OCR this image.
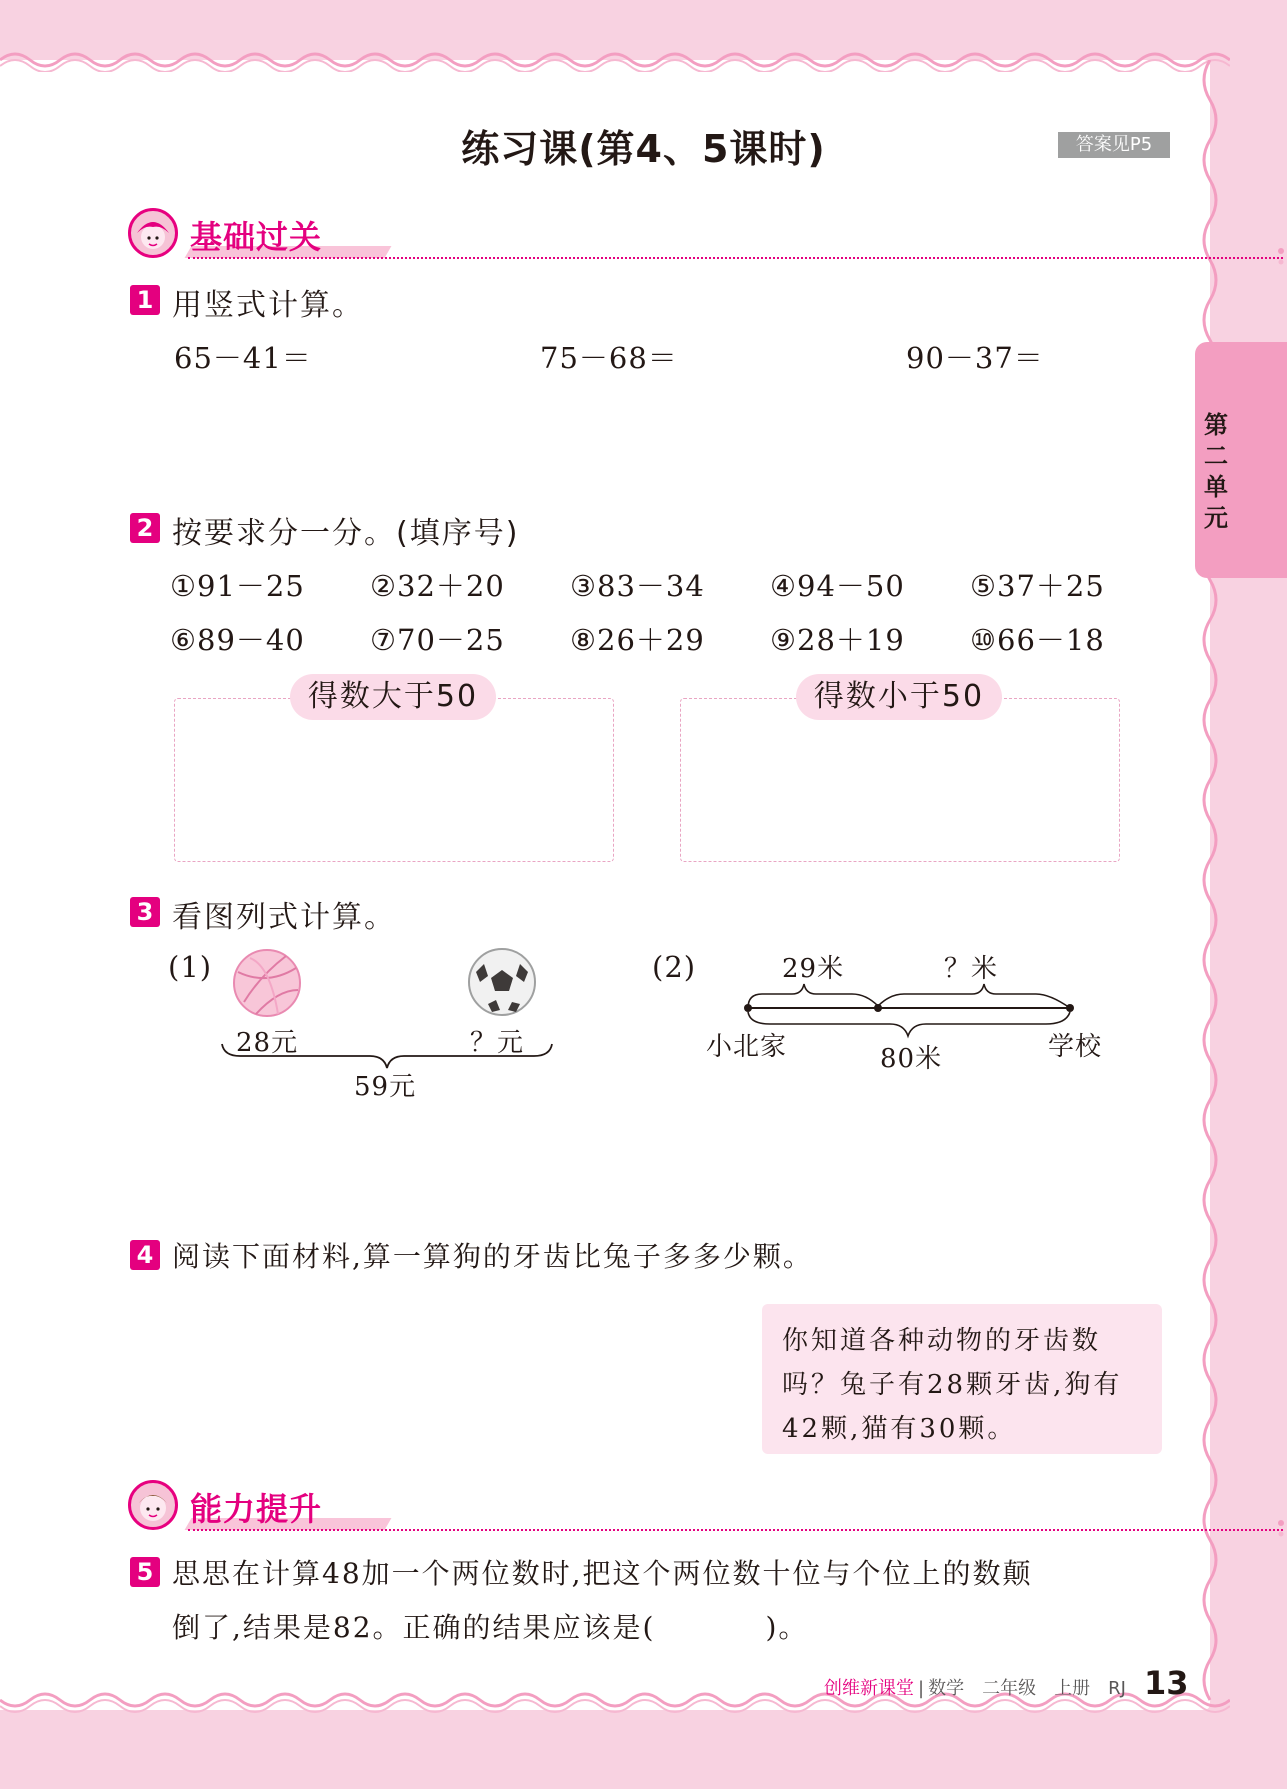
第
二
单
元
练习课(第4、5课时)	答案见P5
基础过关
1 用竖式计算。
65－41＝	75－68＝	90－37＝
2 按要求分一分。(填序号)
①91－25 ②32＋20 ③83－34 ④94－50 ⑤37＋25
⑥89－40 ⑦70－25 ⑧26＋29 ⑨28＋19 ⑩66－18
得数大于50	得数小于50
3 看图列式计算。
(1)
28元	？元
59元
(2)	29米	？米
小北家	80米	学校
4 阅读下面材料,算一算狗的牙齿比兔子多多少颗。

你知道各种动物的牙齿数

吗？兔子有28颗牙齿,狗有

42颗,猫有30颗。

能力提升
5 思思在计算48加一个两位数时,把这个两位数十位与个位上的数颠
倒了,结果是82。正确的结果应该是(	)。
创维新课堂 | 数学　二年级　上册　RJ 13
